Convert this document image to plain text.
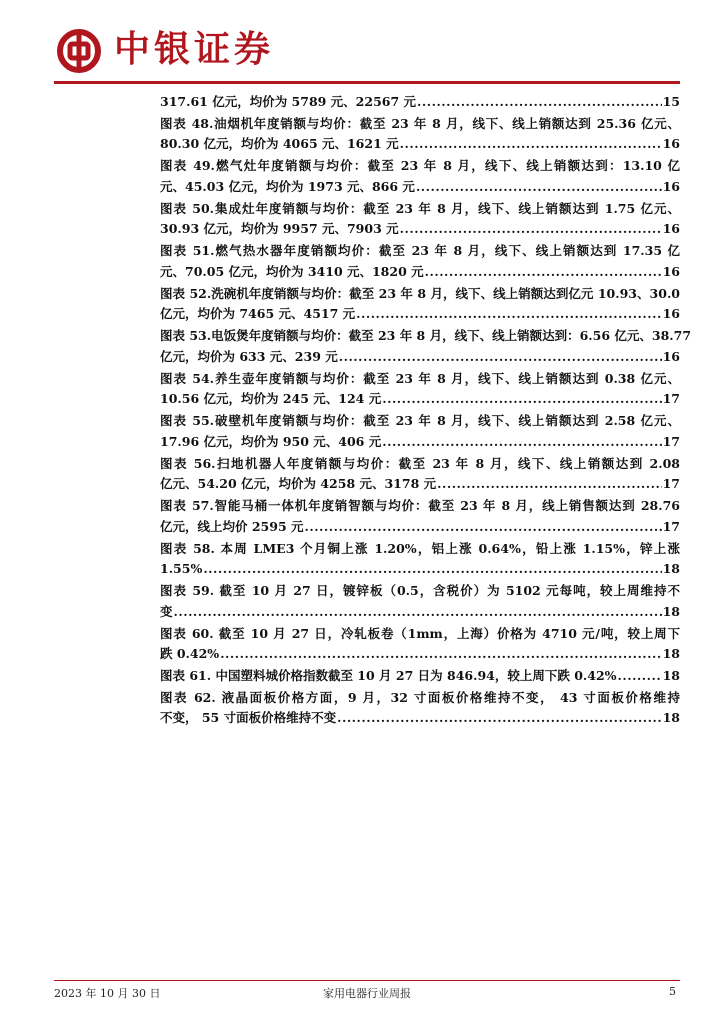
中银证券
317.61 亿元，均价为 5789 元、22567 元 .....	15
图表 48.油烟机年度销额与均价：截至 23 年 8 月，线下、线上销额达到 25.36 亿元、
80.30 亿元，均价为 4065 元、1621 元 .....	16
图表 49.燃气灶年度销额与均价：截至 23 年 8 月，线下、线上销额达到：13.10 亿
元、45.03 亿元，均价为 1973 元、866 元 .....	16
图表 50.集成灶年度销额与均价：截至 23 年 8 月，线下、线上销额达到 1.75 亿元、
30.93 亿元，均价为 9957 元、7903 元 .....	16
图表 51.燃气热水器年度销额均价：截至 23 年 8 月，线下、线上销额达到 17.35 亿
元、70.05 亿元，均价为 3410 元、1820 元 .....	16
图表 52.洗碗机年度销额与均价：截至 23 年 8 月，线下、线上销额达到亿元 10.93、30.0
亿元，均价为 7465 元、4517 元 .....	16
图表 53.电饭煲年度销额与均价：截至 23 年 8 月，线下、线上销额达到：6.56 亿元、38.77
亿元，均价为 633 元、239 元 .....	16
图表 54.养生壶年度销额与均价：截至 23 年 8 月，线下、线上销额达到 0.38 亿元、
10.56 亿元，均价为 245 元、124 元 .....	17
图表 55.破壁机年度销额与均价：截至 23 年 8 月，线下、线上销额达到 2.58 亿元、
17.96 亿元，均价为 950 元、406 元 .....	17
图表 56.扫地机器人年度销额与均价：截至 23 年 8 月，线下、线上销额达到 2.08
亿元、54.20 亿元，均价为 4258 元、3178 元 .....	17
图表 57.智能马桶一体机年度销智额与均价：截至 23 年 8 月，线上销售额达到 28.76
亿元，线上均价 2595 元 .....	17
图表 58. 本周 LME3 个月铜上涨 1.20%，铝上涨 0.64%，铅上涨 1.15%，锌上涨
1.55% .....	18
图表 59. 截至 10 月 27 日，镀锌板（0.5，含税价）为 5102 元每吨，较上周维持不
变 .....	18
图表 60. 截至 10 月 27 日，冷轧板卷（1mm，上海）价格为 4710 元/吨，较上周下
跌 0.42% .....	18
图表 61. 中国塑料城价格指数截至 10 月 27 日为 846.94，较上周下跌 0.42% .....	18
图表 62. 液晶面板价格方面，9 月，32 寸面板价格维持不变， 43 寸面板价格维持
不变， 55 寸面板价格维持不变 .....	18
2023 年 10 月 30 日	家用电器行业周报	5
